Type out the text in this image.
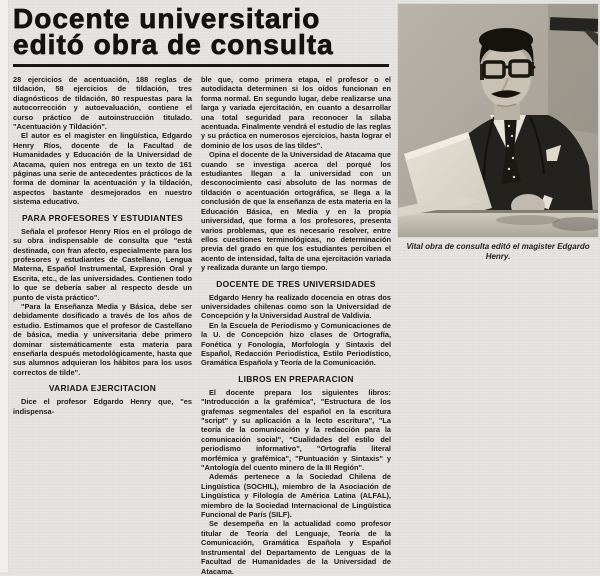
Docente universitario
editó obra de consulta

28 ejercicios de acentuación, 188 reglas de tildación, 58 ejercicios de tildación, tres diagnósticos de tildación, 80 respuestas para la autocorrección y autoevaluación, contiene el curso práctico de autoinstrucción titulado. "Acentuación y Tildación".

El autor es el magister en lingüística, Edgardo Henry Ríos, docente de la Facultad de Humanidades y Educación de la Universidad de Atacama, quien nos entrega en un texto de 161 páginas una serie de antecedentes prácticos de la forma de dominar la acentuación y la tildación, aspectos bastante desmejorados en nuestro sistema educativo.

PARA PROFESORES Y ESTUDIANTES

Señala el profesor Henry Ríos en el prólogo de su obra indispensable de consulta que "está destinada, con fran afecto, especialmente para los profesores y estudiantes de Castellano, Lengua Materna, Español Instrumental, Expresión Oral y Escrita, etc., de las universidades. Contienen todo lo que se debería saber al respecto desde un punto de vista práctico".

"Para la Enseñanza Media y Básica, debe ser debidamente dosificado a través de los años de estudio. Estimamos que el profesor de Castellano de básica, media y universitaria debe primero dominar sistemáticamente esta materia para enseñarla después metodológicamente, hasta que sus alumnos adquieran los hábitos para los usos correctos de tilde".

VARIADA EJERCITACION

Dice el profesor Edgardo Henry que, "es indispensa-

ble que, como primera etapa, el profesor o el autodidacta determinen si los oídos funcionan en forma normal. En segundo lugar, debe realizarse una larga y variada ejercitación, en cuanto a desarrollar una total seguridad para reconocer la sílaba acentuada. Finalmente vendrá el estudio de las reglas y su práctica en numerosos ejercicios, hasta lograr el dominio de los usos de las tildes".

Opina el docente de la Universidad de Atacama que cuando se investiga acerca del porqué los estudiantes llegan a la universidad con un desconocimiento casi absoluto de las normas de tildación o acentuación ortográfica, se llega a la conclusión de que la enseñanza de esta materia en la Educación Básica, en Media y en la propia universidad, que forma a los profesores, presenta varios problemas, que es necesario resolver, entre ellos cuestiones terminológicas, no determinación previa del grado en que los estudiantes perciben el acento de intensidad, falta de una ejercitación variada y realizada durante un largo tiempo.

DOCENTE DE TRES UNIVERSIDADES

Edgardo Henry ha realizado docencia en otras dos universidades chilenas como son la Universidad de Concepción y la Universidad Austral de Valdivia.

En la Escuela de Periodismo y Comunicaciones de la U. de Concepción hizo clases de Ortografía, Fonética y Fonología, Morfología y Sintaxis del Español, Redacción Periodística, Estilo Periodístico, Gramática Española y Teoría de la Comunicación.

LIBROS EN PREPARACION

El docente prepara los siguientes libros: "Introducción a la grafémica", "Estructura de los grafemas segmentales del español en la escritura "script" y su aplicación a la lecto escritura", "La teoría de la comunicación y la redacción para la comunicación social", "Cualidades del estilo del periodismo informativo", "Ortografía literal morfémica y grafémica", "Puntuación y Sintaxis" y "Antología del cuento minero de la III Región".

Además pertenece a la Sociedad Chilena de Lingüística (SOCHIL), miembro de la Asociación de Lingüística y Filología de América Latina (ALFAL), miembro de la Sociedad Internacional de Lingüística Funcional de París (SILF).

Se desempeña en la actualidad como profesor titular de Teoría del Lenguaje, Teoría de la Comunicación, Gramática Española y Español Instrumental del Departamento de Lenguas de la Facultad de Humanidades de la Universidad de Atacama.

Vital obra de consulta editó el magister Edgardo Henry.
